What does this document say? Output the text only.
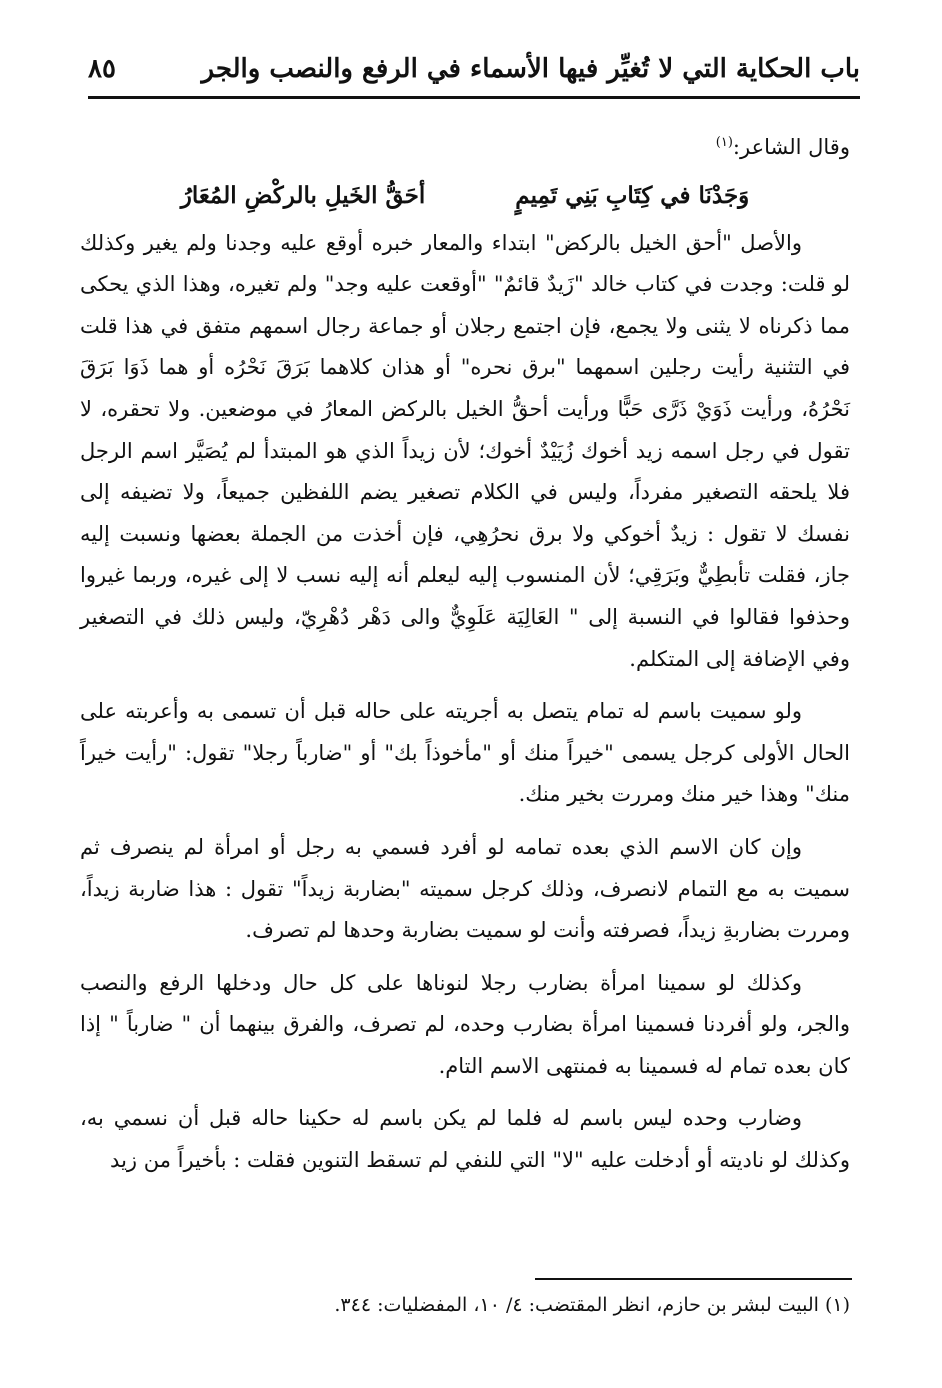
باب الحكاية التي لا تُغيِّر فيها الأسماء في الرفع والنصب والجر
٨٥

وقال الشاعر:$^{(١)}$

وَجَدْنَا في كِتَابِ بَنِي تَمِيمٍ
أحَقُّ الخَيلِ بالركْضِ المُعَارُ

والأصل "أحق الخيل بالركض" ابتداء والمعار خبره أوقع عليه وجدنا ولم يغير وكذلك لو قلت: وجدت في كتاب خالد "زَيدٌ قائمٌ" "أوقعت عليه وجد" ولم تغيره، وهذا الذي يحكى مما ذكرناه لا يثنى ولا يجمع، فإن اجتمع رجلان أو جماعة رجال اسمهم متفق في هذا قلت في التثنية رأيت رجلين اسمهما "برق نحره" أو هذان كلاهما بَرَقَ نَحْرُه أو هما ذَوَا بَرَقَ نَحْرُهُ، ورأيت ذَوَيْ ذَرَّى حَبًّا ورأيت أحقُّ الخيل بالركض المعارُ في موضعين. ولا تحقره، لا تقول في رجل اسمه زيد أخوك زُيَيْدٌ أخوك؛ لأن زيداً الذي هو المبتدأ لم يُصَيَّر اسم الرجل فلا يلحقه التصغير مفرداً، وليس في الكلام تصغير يضم اللفظين جميعاً، ولا تضيفه إلى نفسك لا تقول : زيدٌ أخوكي ولا برق نحرُهِي، فإن أخذت من الجملة بعضها ونسبت إليه جاز، فقلت تأبطِيٌّ وبَرَقِي؛ لأن المنسوب إليه ليعلم أنه إليه نسب لا إلى غيره، وربما غيروا وحذفوا فقالوا في النسبة إلى " العَالِيَة عَلَوِيٌّ والى دَهْر دُهْرِيّ، وليس ذلك في التصغير وفي الإضافة إلى المتكلم.

ولو سميت باسم له تمام يتصل به أجريته على حاله قبل أن تسمى به وأعربته على الحال الأولى كرجل يسمى "خيراً منك أو "مأخوذاً بك" أو "ضارباً رجلا" تقول: "رأيت خيراً منك" وهذا خير منك ومررت بخير منك.

وإن كان الاسم الذي بعده تمامه لو أفرد فسمي به رجل أو امرأة لم ينصرف ثم سميت به مع التمام لانصرف، وذلك كرجل سميته "بضاربة زيداً" تقول : هذا ضاربة زيداً، ومررت بضاربةِ زيداً، فصرفته وأنت لو سميت بضاربة وحدها لم تصرف.

وكذلك لو سمينا امرأة بضارب رجلا لنوناها على كل حال ودخلها الرفع والنصب والجر، ولو أفردنا فسمينا امرأة بضارب وحده، لم تصرف، والفرق بينهما أن " ضارباً " إذا كان بعده تمام له فسمينا به فمنتهى الاسم التام.

وضارب وحده ليس باسم له فلما لم يكن باسم له حكينا حاله قبل أن نسمي به، وكذلك لو ناديته أو أدخلت عليه "لا" التي للنفي لم تسقط التنوين فقلت : بأخيراً من زيد

(١) البيت لبشر بن حازم، انظر المقتضب: ٤/ ١٠، المفضليات: ٣٤٤.
